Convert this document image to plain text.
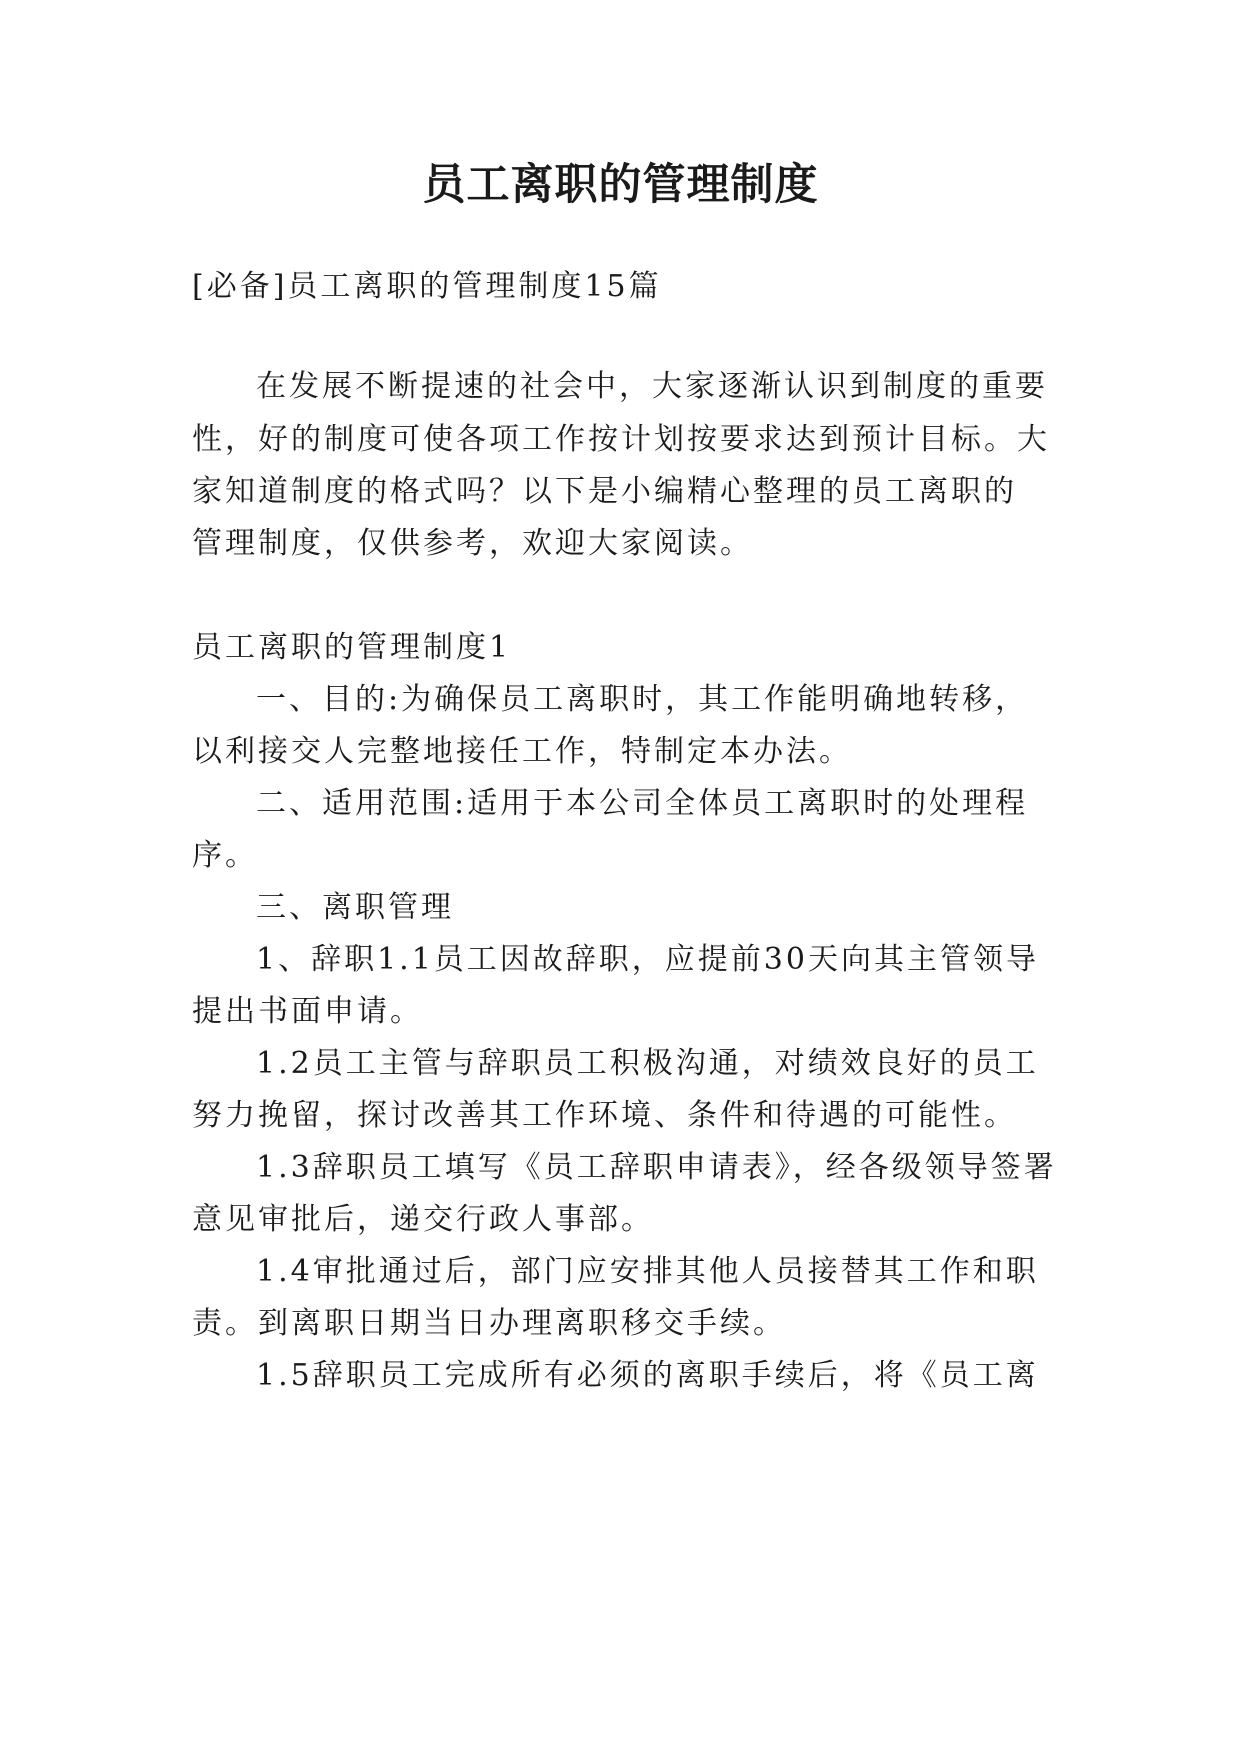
员工离职的管理制度

[必备]员工离职的管理制度15篇

在发展不断提速的社会中，大家逐渐认识到制度的重要

性，好的制度可使各项工作按计划按要求达到预计目标。大

家知道制度的格式吗？以下是小编精心整理的员工离职的

管理制度，仅供参考，欢迎大家阅读。

员工离职的管理制度1

一、目的:为确保员工离职时，其工作能明确地转移，

以利接交人完整地接任工作，特制定本办法。

二、适用范围:适用于本公司全体员工离职时的处理程

序。

三、离职管理

1、辞职1.1员工因故辞职，应提前30天向其主管领导

提出书面申请。

1.2员工主管与辞职员工积极沟通，对绩效良好的员工

努力挽留，探讨改善其工作环境、条件和待遇的可能性。

1.3辞职员工填写《员工辞职申请表》，经各级领导签署

意见审批后，递交行政人事部。

1.4审批通过后，部门应安排其他人员接替其工作和职

责。到离职日期当日办理离职移交手续。

1.5辞职员工完成所有必须的离职手续后，将《员工离
